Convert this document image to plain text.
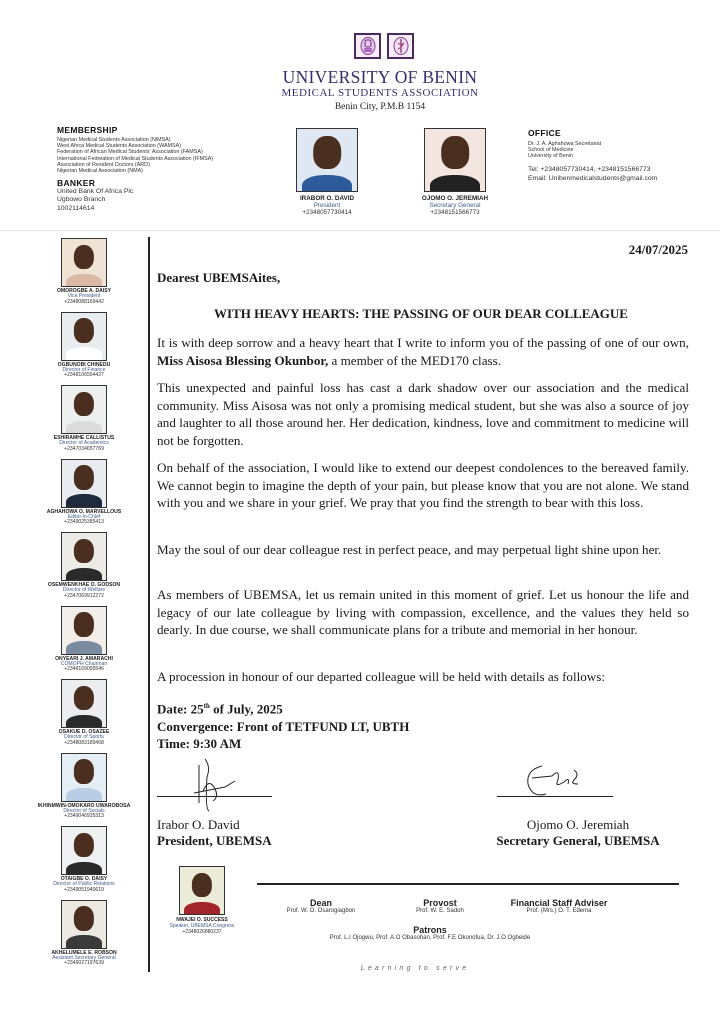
UNIVERSITY OF BENIN
MEDICAL STUDENTS ASSOCIATION
Benin City, P.M.B 1154
MEMBERSHIP
Nigerian Medical Students Association (NiMSA)
West Africa Medical Students Association (WAMSA)
Federation of African Medical Students' Association (FAMSA)
International Fedreation of Medical Students Association (IFMSA)
Association of Resident Doctors (ARD)
Nigerian Medical Association (NMA)
BANKER
United Bank Of Africa Plc
Ugbowo Branch
1002114614
IRABOR O. DAVID
President
+2348057730414
OJOMO O. JEREMIAH
Secretary General
+2348151566773
OFFICE
Dr. J. A. Aghahowa Secretariat
School of Medicine
University of Benin
Tel: +2348057730414, +2348151566773
Email: Unibenmedicalstudents@gmail.com
OMOROGBE A. DAISY
Vice President
+2348088169442
OGBUNOBI CHINEDU
Director of Finance
+2348106554427
ESHIRAMHE CALLISTUS
Director of Academics
+2347034657769
AGHAHOWA O. MARVELLOUS
Editor-in-Chief
+2349025385413
OSEMWENKHAE O. GODSON
Director of Welfare
+2347069912272
ONYEARI J. AMARACHI
COMOPH Chairman
+2348169095546
OSAKUE D. OSAZEE
Director of Sports
+2348083189408
IKHINMWIN-OMOKARO UWAROBOSA
Director of Socials
+2349046935313
OTAIGBE O. DAISY
Director of Public Relations
+2349051940619
AKHELUMELE E. ROBSON
Assistant Secretary General
+2349027197639
24/07/2025
Dearest UBEMSAites,
WITH HEAVY HEARTS: THE PASSING OF OUR DEAR COLLEAGUE
It is with deep sorrow and a heavy heart that I write to inform you of the passing of one of our own, Miss Aisosa Blessing Okunbor, a member of the MED170 class.
This unexpected and painful loss has cast a dark shadow over our association and the medical community. Miss Aisosa was not only a promising medical student, but she was also a source of joy and laughter to all those around her. Her dedication, kindness, love and commitment to medicine will not be forgotten.
On behalf of the association, I would like to extend our deepest condolences to the bereaved family. We cannot begin to imagine the depth of your pain, but please know that you are not alone. We stand with you and we share in your grief. We pray that you find the strength to bear with this loss.
May the soul of our dear colleague rest in perfect peace, and may perpetual light shine upon her.
As members of UBEMSA, let us remain united in this moment of grief. Let us honour the life and legacy of our late colleague by living with compassion, excellence, and the values they held so dearly. In due course, we shall communicate plans for a tribute and memorial in her honour.
A procession in honour of our departed colleague will be held with details as follows:
Date: 25th of July, 2025
Convergence: Front of TETFUND LT, UBTH
Time: 9:30 AM
Irabor O. David
President, UBEMSA
Ojomo O. Jeremiah
Secretary General, UBEMSA
NWAJEI O. SUCCESS
Speaker, UBEMSA Congress
+2348026880237
Dean
Prof. W. O. Osarogiagbon
Provost
Prof. W. E. Sadoh
Financial Staff Adviser
Prof. (Mrs.) O. T. Edema
Patrons
Prof. L.I Ojogwu, Prof. A.O Obasohan, Prof. F.E Okonofua, Dr. J.O Ogbeide
Learning to serve
